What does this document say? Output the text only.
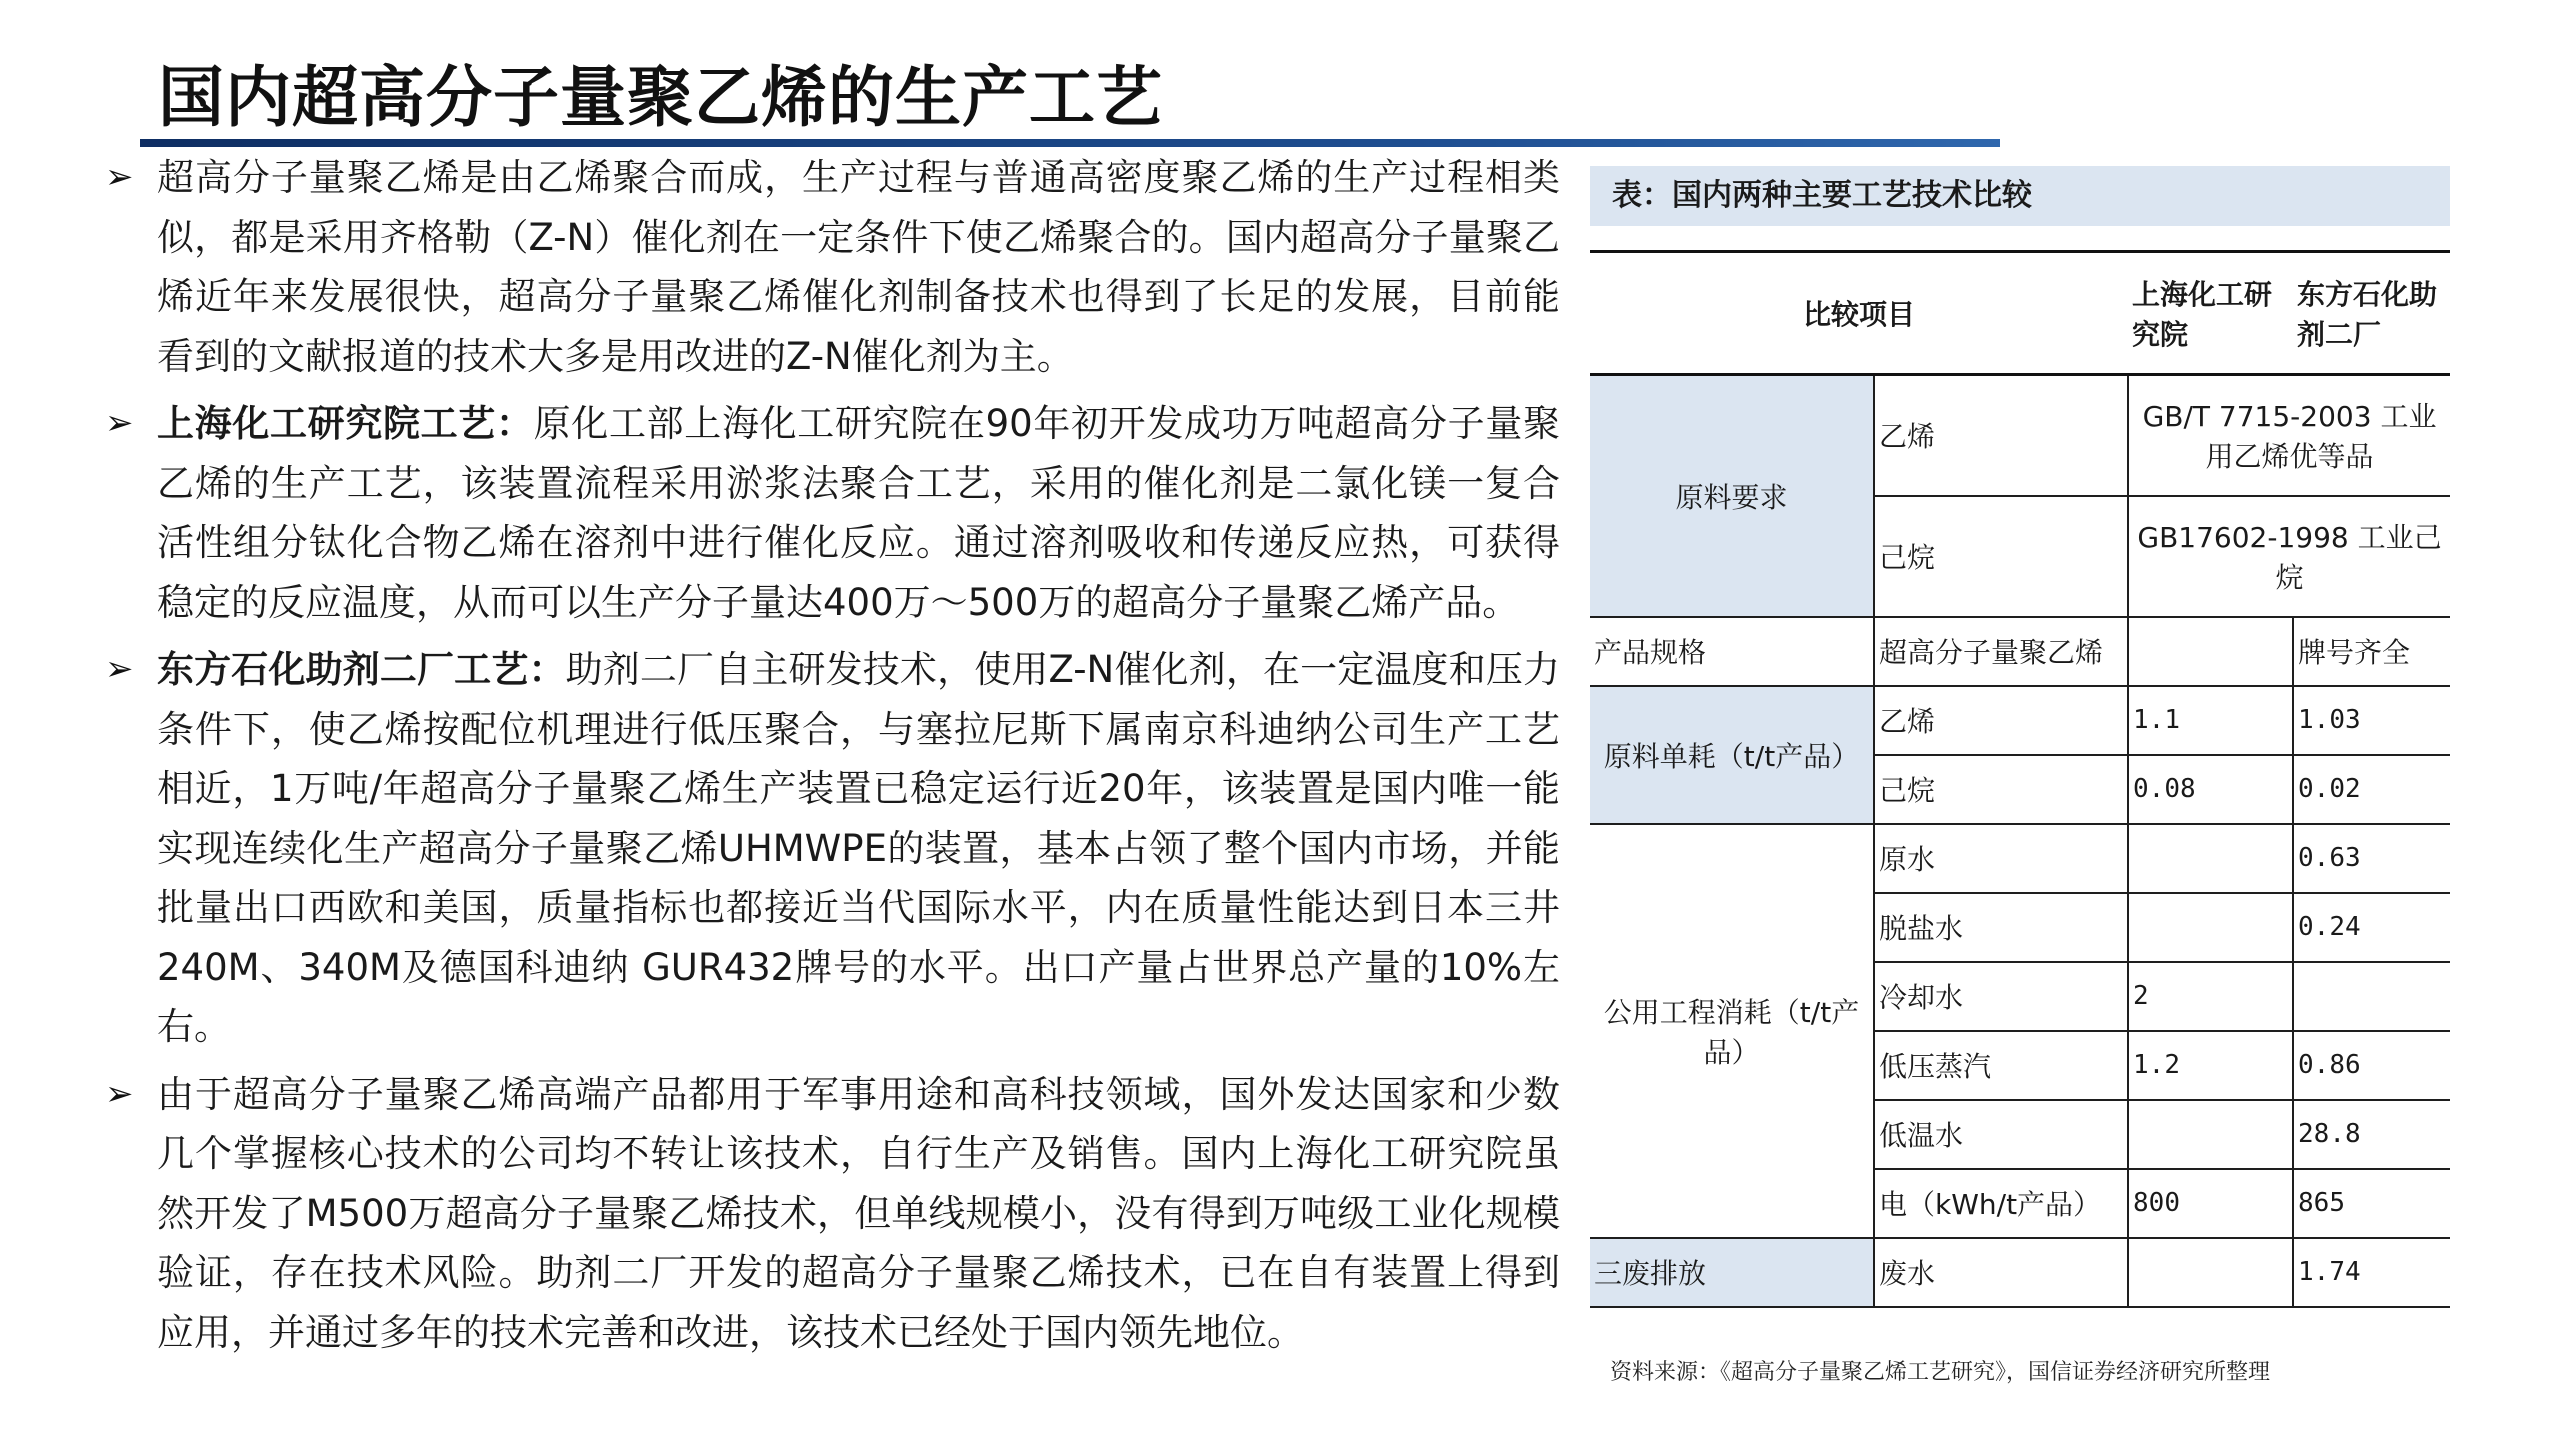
国内超高分子量聚乙烯的生产工艺
➢ 超高分子量聚乙烯是由乙烯聚合而成，生产过程与普通高密度聚乙烯的生产过程相类似，都是采用齐格勒（Z-N）催化剂在一定条件下使乙烯聚合的。国内超高分子量聚乙烯近年来发展很快，超高分子量聚乙烯催化剂制备技术也得到了长足的发展，目前能看到的文献报道的技术大多是用改进的Z-N催化剂为主。

➢ 上海化工研究院工艺：原化工部上海化工研究院在90年初开发成功万吨超高分子量聚乙烯的生产工艺，该装置流程采用淤浆法聚合工艺，采用的催化剂是二氯化镁一复合活性组分钛化合物乙烯在溶剂中进行催化反应。通过溶剂吸收和传递反应热，可获得稳定的反应温度，从而可以生产分子量达400万～500万的超高分子量聚乙烯产品。

➢ 东方石化助剂二厂工艺：助剂二厂自主研发技术，使用Z-N催化剂，在一定温度和压力条件下，使乙烯按配位机理进行低压聚合，与塞拉尼斯下属南京科迪纳公司生产工艺相近，1万吨/年超高分子量聚乙烯生产装置已稳定运行近20年，该装置是国内唯一能实现连续化生产超高分子量聚乙烯UHMWPE的装置，基本占领了整个国内市场，并能批量出口西欧和美国，质量指标也都接近当代国际水平，内在质量性能达到日本三井240M、340M及德国科迪纳 GUR432牌号的水平。出口产量占世界总产量的10%左右。

➢ 由于超高分子量聚乙烯高端产品都用于军事用途和高科技领域，国外发达国家和少数几个掌握核心技术的公司均不转让该技术，自行生产及销售。国内上海化工研究院虽然开发了M500万超高分子量聚乙烯技术，但单线规模小，没有得到万吨级工业化规模验证，存在技术风险。助剂二厂开发的超高分子量聚乙烯技术，已在自有装置上得到应用，并通过多年的技术完善和改进，该技术已经处于国内领先地位。

表：国内两种主要工艺技术比较
比较项目		上海化工研究院	东方石化助剂二厂
原料要求	乙烯	GB/T 7715-2003 工业用乙烯优等品	
	己烷	GB17602-1998 工业己烷	
产品规格	超高分子量聚乙烯		牌号齐全
原料单耗（t/t产品）	乙烯	1.1	1.03
	己烷	0.08	0.02
公用工程消耗（t/t产品）	原水		0.63
	脱盐水		0.24
	冷却水	2	
	低压蒸汽	1.2	0.86
	低温水		28.8
	电（kWh/t产品）	800	865
三废排放	废水		1.74
资料来源：《超高分子量聚乙烯工艺研究》，国信证券经济研究所整理
